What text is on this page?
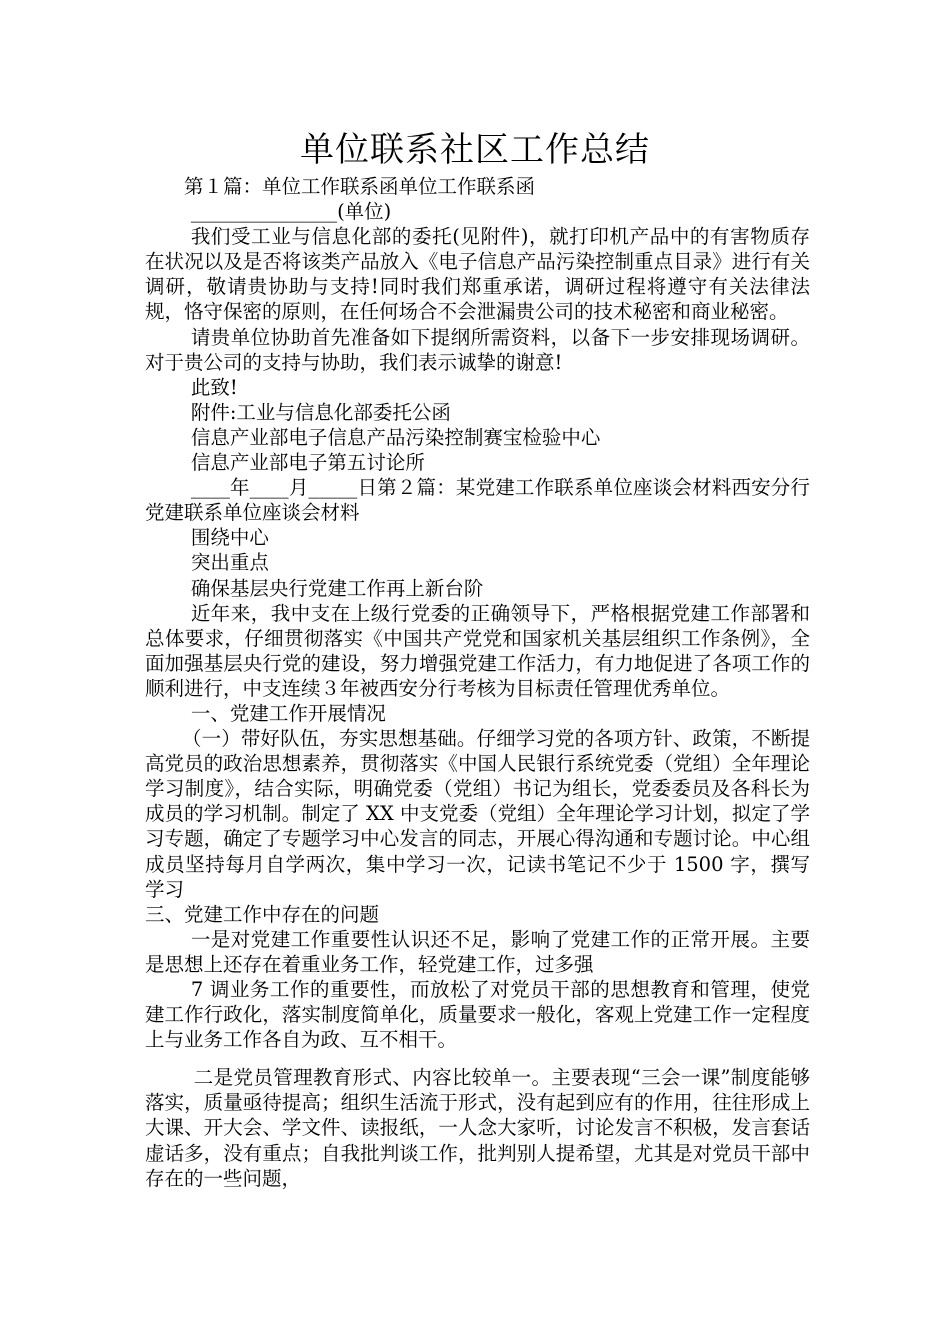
单位联系社区工作总结

第１篇：单位工作联系函单位工作联系函

_______________(单位)

我们受工业与信息化部的委托(见附件)，就打印机产品中的有害物质存在状况以及是否将该类产品放入《电子信息产品污染控制重点目录》进行有关调研，敬请贵协助与支持!同时我们郑重承诺，调研过程将遵守有关法律法规，恪守保密的原则，在任何场合不会泄漏贵公司的技术秘密和商业秘密。

请贵单位协助首先准备如下提纲所需资料，以备下一步安排现场调研。对于贵公司的支持与协助，我们表示诚挚的谢意!

此致!

附件:工业与信息化部委托公函

信息产业部电子信息产品污染控制赛宝检验中心

信息产业部电子第五讨论所

____年____月_____日第２篇：某党建工作联系单位座谈会材料西安分行党建联系单位座谈会材料

围绕中心

突出重点

确保基层央行党建工作再上新台阶

近年来，我中支在上级行党委的正确领导下，严格根据党建工作部署和总体要求，仔细贯彻落实《中国共产党党和国家机关基层组织工作条例》，全面加强基层央行党的建设，努力增强党建工作活力，有力地促进了各项工作的顺利进行，中支连续３年被西安分行考核为目标责任管理优秀单位。

一、党建工作开展情况

（一）带好队伍，夯实思想基础。仔细学习党的各项方针、政策，不断提高党员的政治思想素养，贯彻落实《中国人民银行系统党委（党组）全年理论学习制度》，结合实际，明确党委（党组）书记为组长，党委委员及各科长为成员的学习机制。制定了 XX 中支党委（党组）全年理论学习计划，拟定了学习专题，确定了专题学习中心发言的同志，开展心得沟通和专题讨论。中心组成员坚持每月自学两次，集中学习一次，记读书笔记不少于 1500 字，撰写学习

三、党建工作中存在的问题

一是对党建工作重要性认识还不足，影响了党建工作的正常开展。主要是思想上还存在着重业务工作，轻党建工作，过多强

7 调业务工作的重要性，而放松了对党员干部的思想教育和管理，使党建工作行政化，落实制度简单化，质量要求一般化，客观上党建工作一定程度上与业务工作各自为政、互不相干。

二是党员管理教育形式、内容比较单一。主要表现“三会一课”制度能够落实，质量亟待提高；组织生活流于形式，没有起到应有的作用，往往形成上大课、开大会、学文件、读报纸，一人念大家听，讨论发言不积极，发言套话虚话多，没有重点；自我批判谈工作，批判别人提希望，尤其是对党员干部中存在的一些问题，
